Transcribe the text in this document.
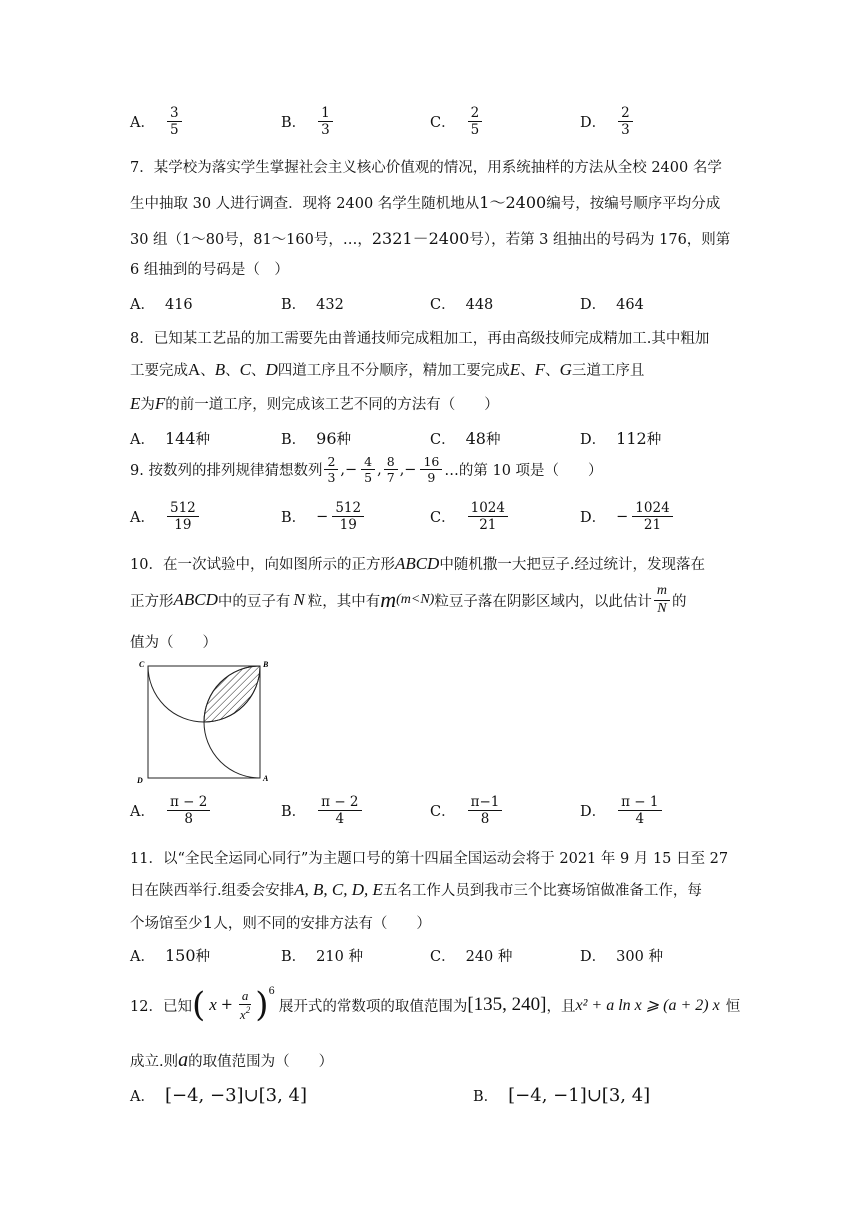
A． $\frac{3}{5}$	B． $\frac{1}{3}$	C． $\frac{2}{5}$	D． $\frac{2}{3}$
7．某学校为落实学生掌握社会主义核心价值观的情况，用系统抽样的方法从全校 2400 名学
生中抽取 30 人进行调查．现将 2400 名学生随机地从1～2400编号，按编号顺序平均分成
30 组（1～80号，81～160号，…，2321－2400号），若第 3 组抽出的号码为 176，则第
6 组抽到的号码是（　）
A． 416	B． 432	C． 448	D． 464
8．已知某工艺品的加工需要先由普通技师完成粗加工，再由高级技师完成精加工.其中粗加
工要完成A、B、C、D四道工序且不分顺序，精加工要完成E、F、G三道工序且
E为F的前一道工序，则完成该工艺不同的方法有（　　）
A． 144种	B． 96种	C． 48种	D． 112种
9. 按数列的排列规律猜想数列 $\frac{2}{3}$ , − $\frac{4}{5}$ , $\frac{8}{7}$ , − $\frac{16}{9}$ …的第 10 项是（　　）
A． $\frac{512}{19}$	B． − $\frac{512}{19}$	C． $\frac{1024}{21}$	D． − $\frac{1024}{21}$
10．在一次试验中，向如图所示的正方形ABCD中随机撒一大把豆子.经过统计，发现落在
正方形 ABCD 中的豆子有 N 粒，其中有 m (m<N) 粒豆子落在阴影区域内，以此估计 $\frac{m}{N}$ 的
值为（　　）
C	B
D	A
A． $\frac{\pi - 2}{8}$	B． $\frac{\pi - 2}{4}$	C． $\frac{\pi-1}{8}$	D． $\frac{\pi - 1}{4}$
11．以“全民全运同心同行”为主题口号的第十四届全国运动会将于 2021 年 9 月 15 日至 27
日在陕西举行.组委会安排A, B, C, D, E五名工作人员到我市三个比赛场馆做准备工作，每
个场馆至少1人，则不同的安排方法有（　　）
A． 150种	B． 210 种	C． 240 种	D． 300 种
12．已知 ( $x + \frac{a}{x^2}$ ) 6
展开式的常数项的取值范围为 [135, 240] ，且 x² + a ln x ⩾ (a + 2) x 恒
成立.则a的取值范围为（　　）
A． [−4, −3]∪[3, 4]	B． [−4, −1]∪[3, 4]
